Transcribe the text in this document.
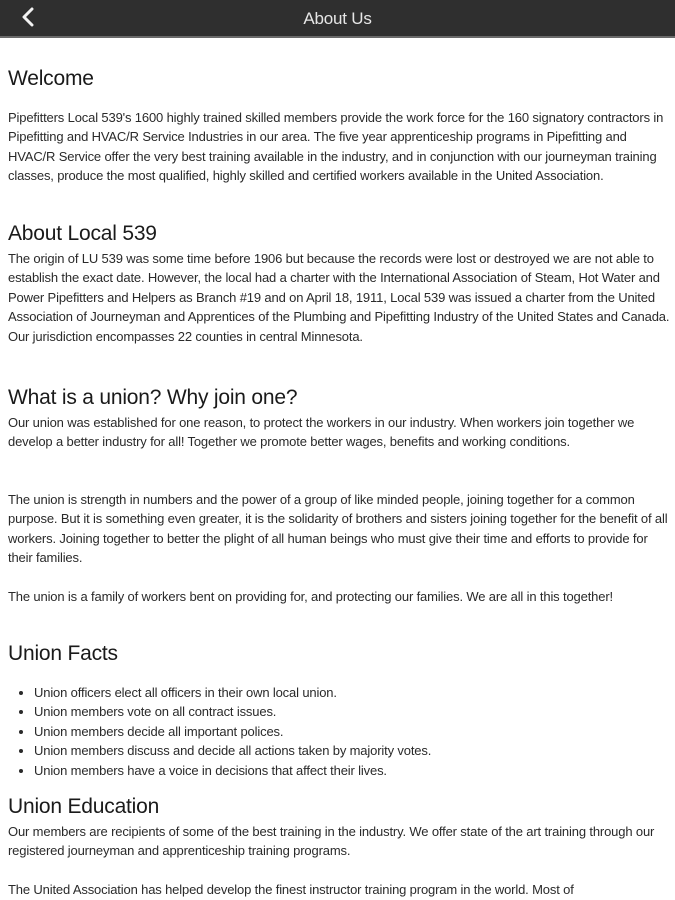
About Us
Welcome

Pipefitters Local 539's 1600 highly trained skilled members provide the work force for the 160 signatory contractors in Pipefitting and HVAC/R Service Industries in our area. The five year apprenticeship programs in Pipefitting and HVAC/R Service offer the very best training available in the industry, and in conjunction with our journeyman training classes, produce the most qualified, highly skilled and certified workers available in the United Association.

About Local 539

The origin of LU 539 was some time before 1906 but because the records were lost or destroyed we are not able to establish the exact date. However, the local had a charter with the International Association of Steam, Hot Water and Power Pipefitters and Helpers as Branch #19 and on April 18, 1911, Local 539 was issued a charter from the United Association of Journeyman and Apprentices of the Plumbing and Pipefitting Industry of the United States and Canada. Our jurisdiction encompasses 22 counties in central Minnesota.

What is a union? Why join one?

Our union was established for one reason, to protect the workers in our industry. When workers join together we develop a better industry for all! Together we promote better wages, benefits and working conditions.

The union is strength in numbers and the power of a group of like minded people, joining together for a common purpose. But it is something even greater, it is the solidarity of brothers and sisters joining together for the benefit of all workers. Joining together to better the plight of all human beings who must give their time and efforts to provide for their families.

The union is a family of workers bent on providing for, and protecting our families. We are all in this together!

Union Facts
• Union officers elect all officers in their own local union.
• Union members vote on all contract issues.
• Union members decide all important polices.
• Union members discuss and decide all actions taken by majority votes.
• Union members have a voice in decisions that affect their lives.
Union Education

Our members are recipients of some of the best training in the industry. We offer state of the art training through our registered journeyman and apprenticeship training programs.

The United Association has helped develop the finest instructor training program in the world. Most of
